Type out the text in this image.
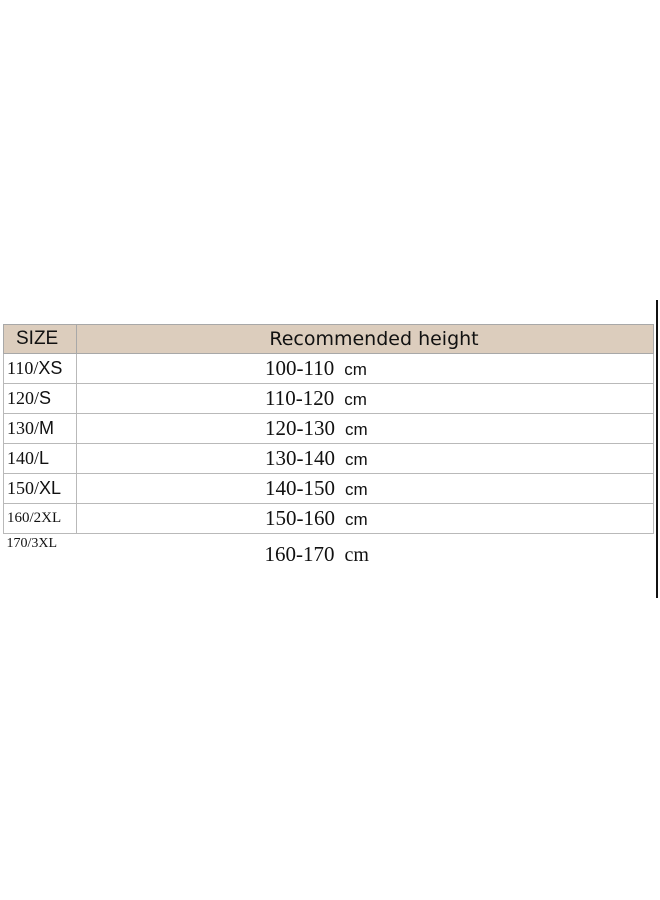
SIZE	Recommended height
110/XS	100-110 cm
120/S	110-120 cm
130/M	120-130 cm
140/L	130-140 cm
150/XL	140-150 cm
160/2XL	150-160 cm
170/3XL	160-170 cm
